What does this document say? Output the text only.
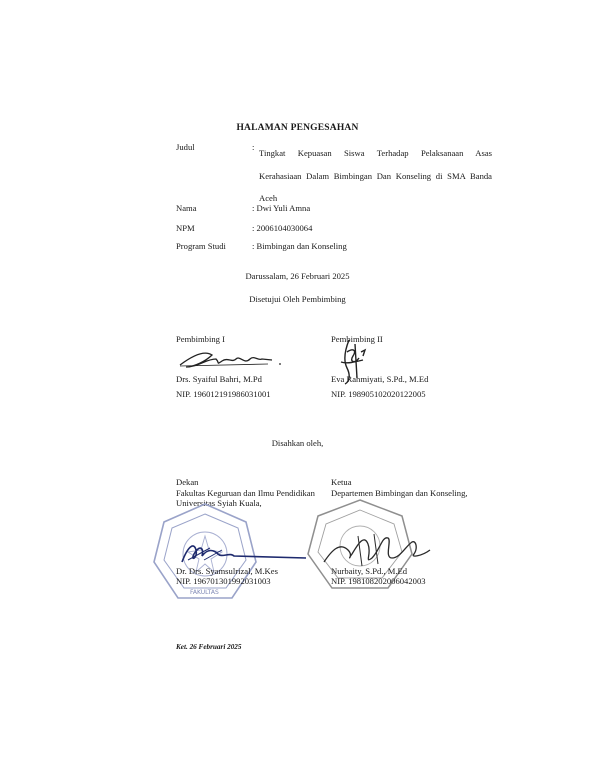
HALAMAN PENGESAHAN
Judul	:
Tingkat Kepuasan Siswa Terhadap Pelaksanaan Asas
Kerahasiaan Dalam Bimbingan Dan Konseling di SMA Banda
Aceh
Nama	: Dwi Yuli Amna
NPM	: 2006104030064
Program Studi	: Bimbingan dan Konseling
Darussalam, 26 Februari 2025
Disetujui Oleh Pembimbing
Pembimbing I
Drs. Syaiful Bahri, M.Pd
NIP. 196012191986031001
Pembimbing II
Eva Rahmiyati, S.Pd., M.Ed
NIP. 198905102020122005
Disahkan oleh,
Dekan
Fakultas Keguruan dan Ilmu Pendidikan
Universitas Syiah Kuala,
FAKULTAS
Dr. Drs. Syamsulrizal, M.Kes
NIP. 196701301992031003
Ketua
Departemen Bimbingan dan Konseling,
Nurbaity, S.Pd., M.Ed
NIP. 198108202006042003
Ket. 26 Februari 2025
